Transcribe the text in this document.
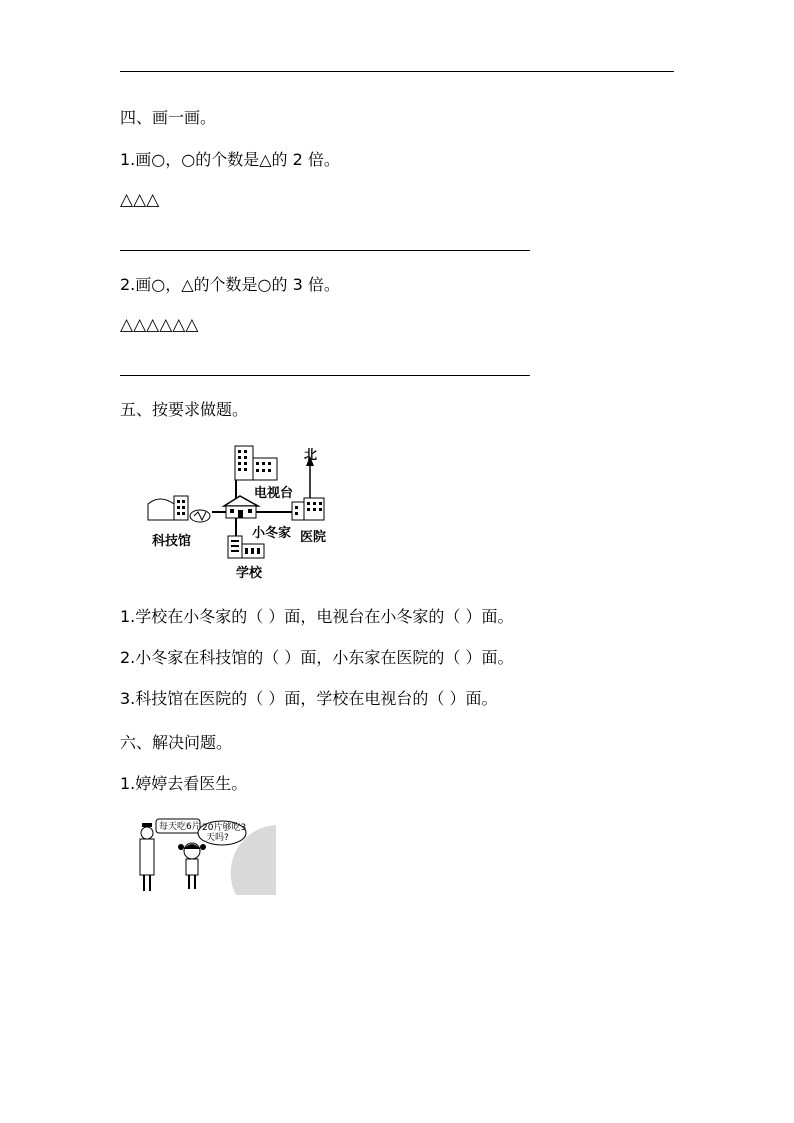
四、画一画。
1.画○，○的个数是△的 2 倍。
△△△
2.画○，△的个数是○的 3 倍。
△△△△△△
五、按要求做题。
北
电视台
小冬家 医院
科技馆
学校
1.学校在小冬家的（ ）面，电视台在小冬家的（ ）面。
2.小冬家在科技馆的（ ）面，小东家在医院的（ ）面。
3.科技馆在医院的（ ）面，学校在电视台的（ ）面。
六、解决问题。
1.婷婷去看医生。
每天吃6片 20片够吃3
天吗?
